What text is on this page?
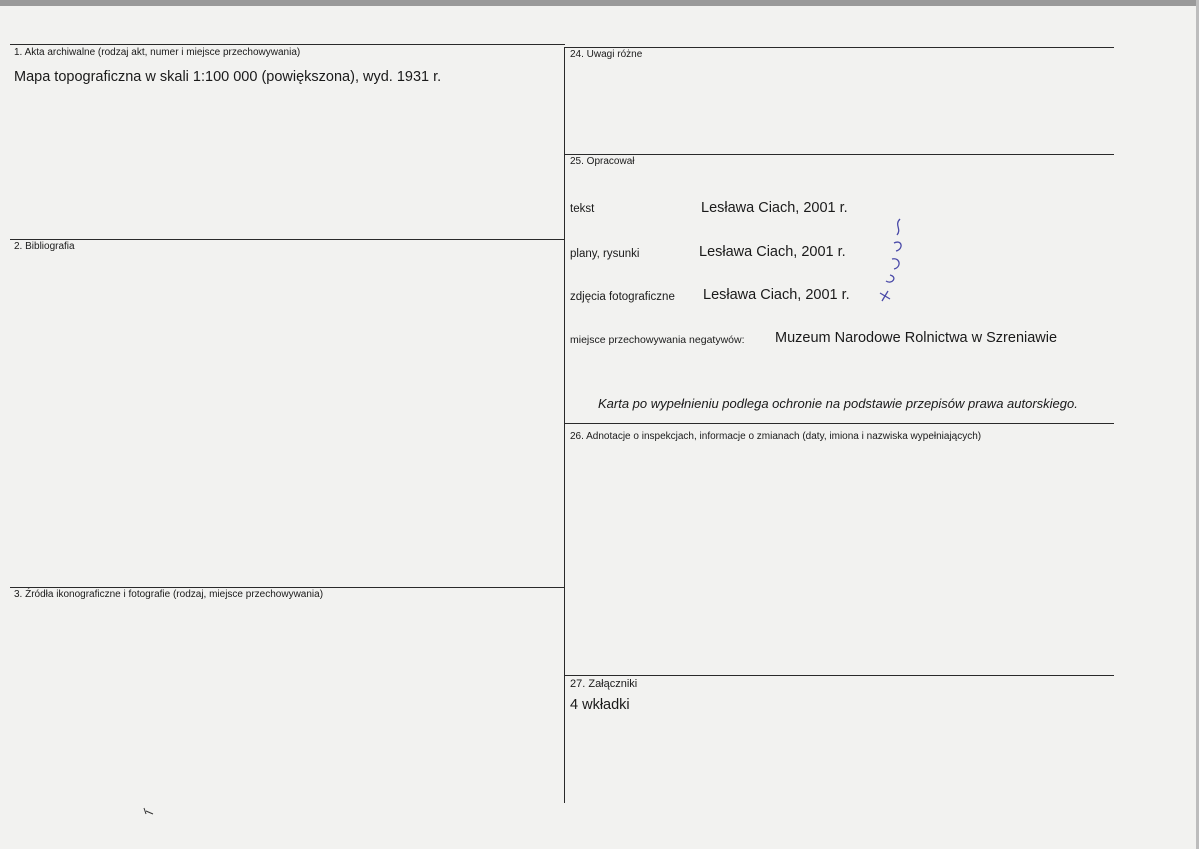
1. Akta archiwalne (rodzaj akt, numer i miejsce przechowywania)
Mapa topograficzna w skali 1:100 000 (powiększona), wyd. 1931 r.
2. Bibliografia
3. Źródła ikonograficzne i fotografie (rodzaj, miejsce przechowywania)
24. Uwagi różne
25. Opracował
tekst	Lesława Ciach, 2001 r.
plany, rysunki	Lesława Ciach, 2001 r.
zdjęcia fotograficzne Lesława Ciach, 2001 r.
miejsce przechowywania negatywów: Muzeum Narodowe Rolnictwa w Szreniawie
Karta po wypełnieniu podlega ochronie na podstawie przepisów prawa autorskiego.
26. Adnotacje o inspekcjach, informacje o zmianach (daty, imiona i nazwiska wypełniających)
27. Załączniki
4 wkładki
